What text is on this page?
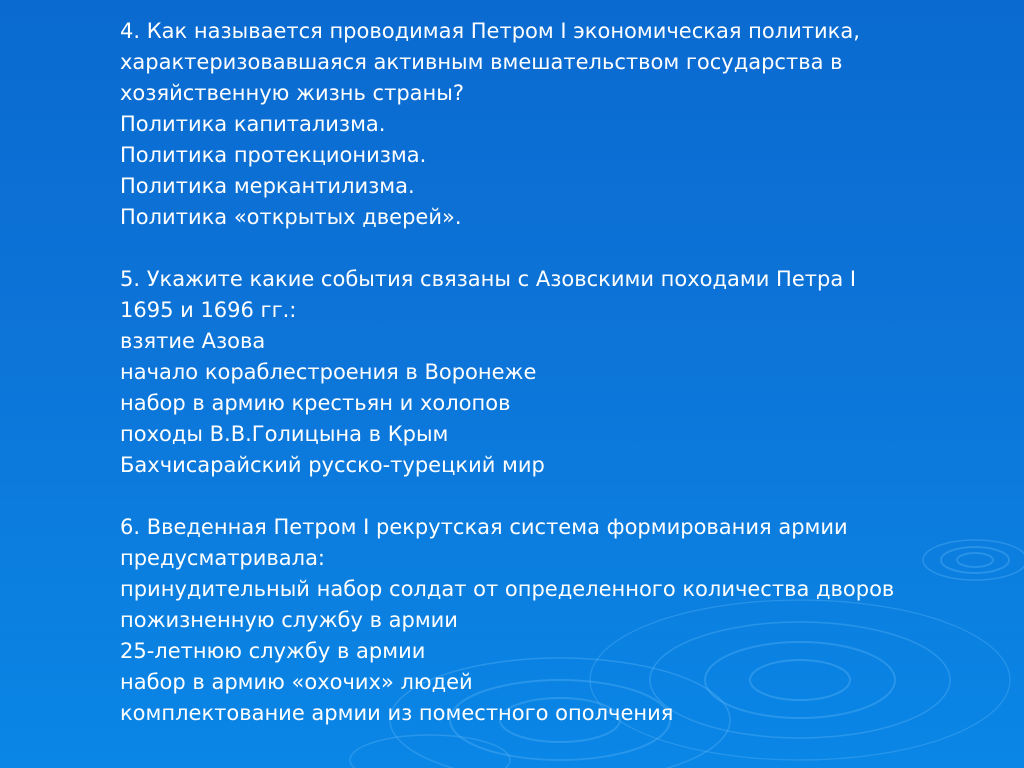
4. Как называется проводимая Петром I экономическая политика,
характеризовавшаяся активным вмешательством государства в
хозяйственную жизнь страны?
Политика капитализма.
Политика протекционизма.
Политика меркантилизма.
Политика «открытых дверей».
5. Укажите какие события связаны с Азовскими походами Петра I
1695 и 1696 гг.:
взятие Азова
начало кораблестроения в Воронеже
набор в армию крестьян и холопов
походы В.В.Голицына в Крым
Бахчисарайский русско-турецкий мир
6. Введенная Петром I рекрутская система формирования армии
предусматривала:
принудительный набор солдат от определенного количества дворов
пожизненную службу в армии
25-летнюю службу в армии
набор в армию «охочих» людей
комплектование армии из поместного ополчения
